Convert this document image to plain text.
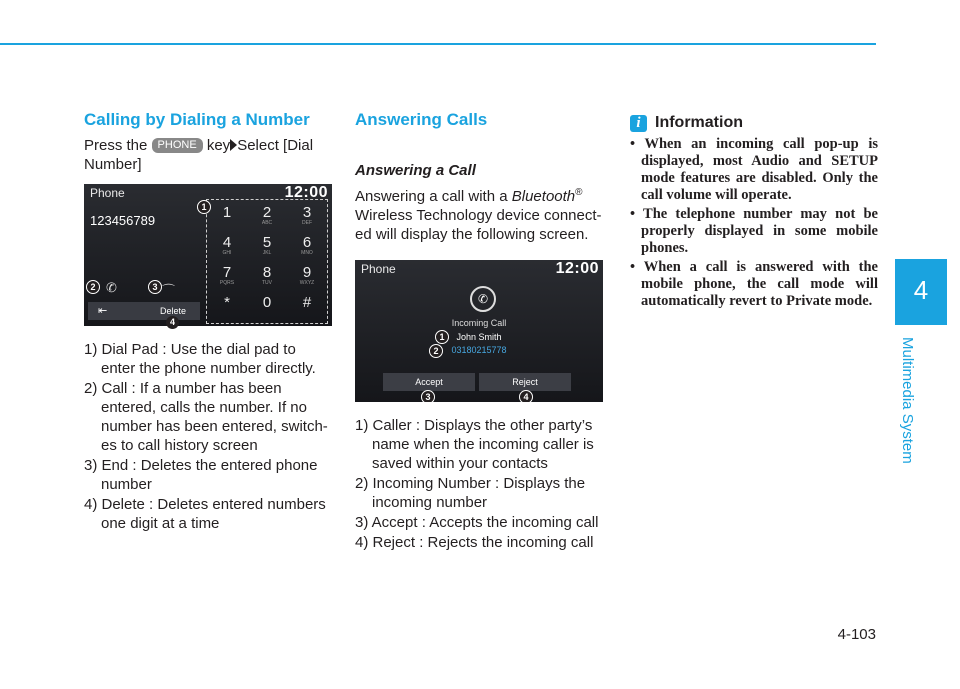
4
Multimedia System
Calling by Dialing a Number

Press the PHONE key Select [Dial Number]

Phone	12:00
123456789	1	2
ABC
3
DEF
4
GHI
5
JKL
6
MNO
7
PQRS
8
TUV
9
WXYZ
*	0	#
✆	⌒
⇤	Delete
1
2	3
4
1) Dial Pad : Use the dial pad to enter the phone number directly.
2) Call : If a number has been entered, calls the number. If no number has been entered, switch-es to call history screen
3) End : Deletes the entered phone number
4) Delete : Deletes entered numbers one digit at a time
Answering Calls
Answering a Call

Answering a call with a Bluetooth® Wireless Technology device connect-ed will display the following screen.

Phone	12:00
✆
Incoming Call
John Smith
03180215778
1
2
Accept	Reject
3	4
1) Caller : Displays the other party’s name when the incoming caller is saved within your contacts
2) Incoming Number : Displays the incoming number
3) Accept : Accepts the incoming call
4) Reject : Rejects the incoming call
i Information
• When an incoming call pop-up is displayed, most Audio and SETUP mode features are disabled. Only the call volume will operate.
• The telephone number may not be properly displayed in some mobile phones.
• When a call is answered with the mobile phone, the call mode will automatically revert to Private mode.
4-103
